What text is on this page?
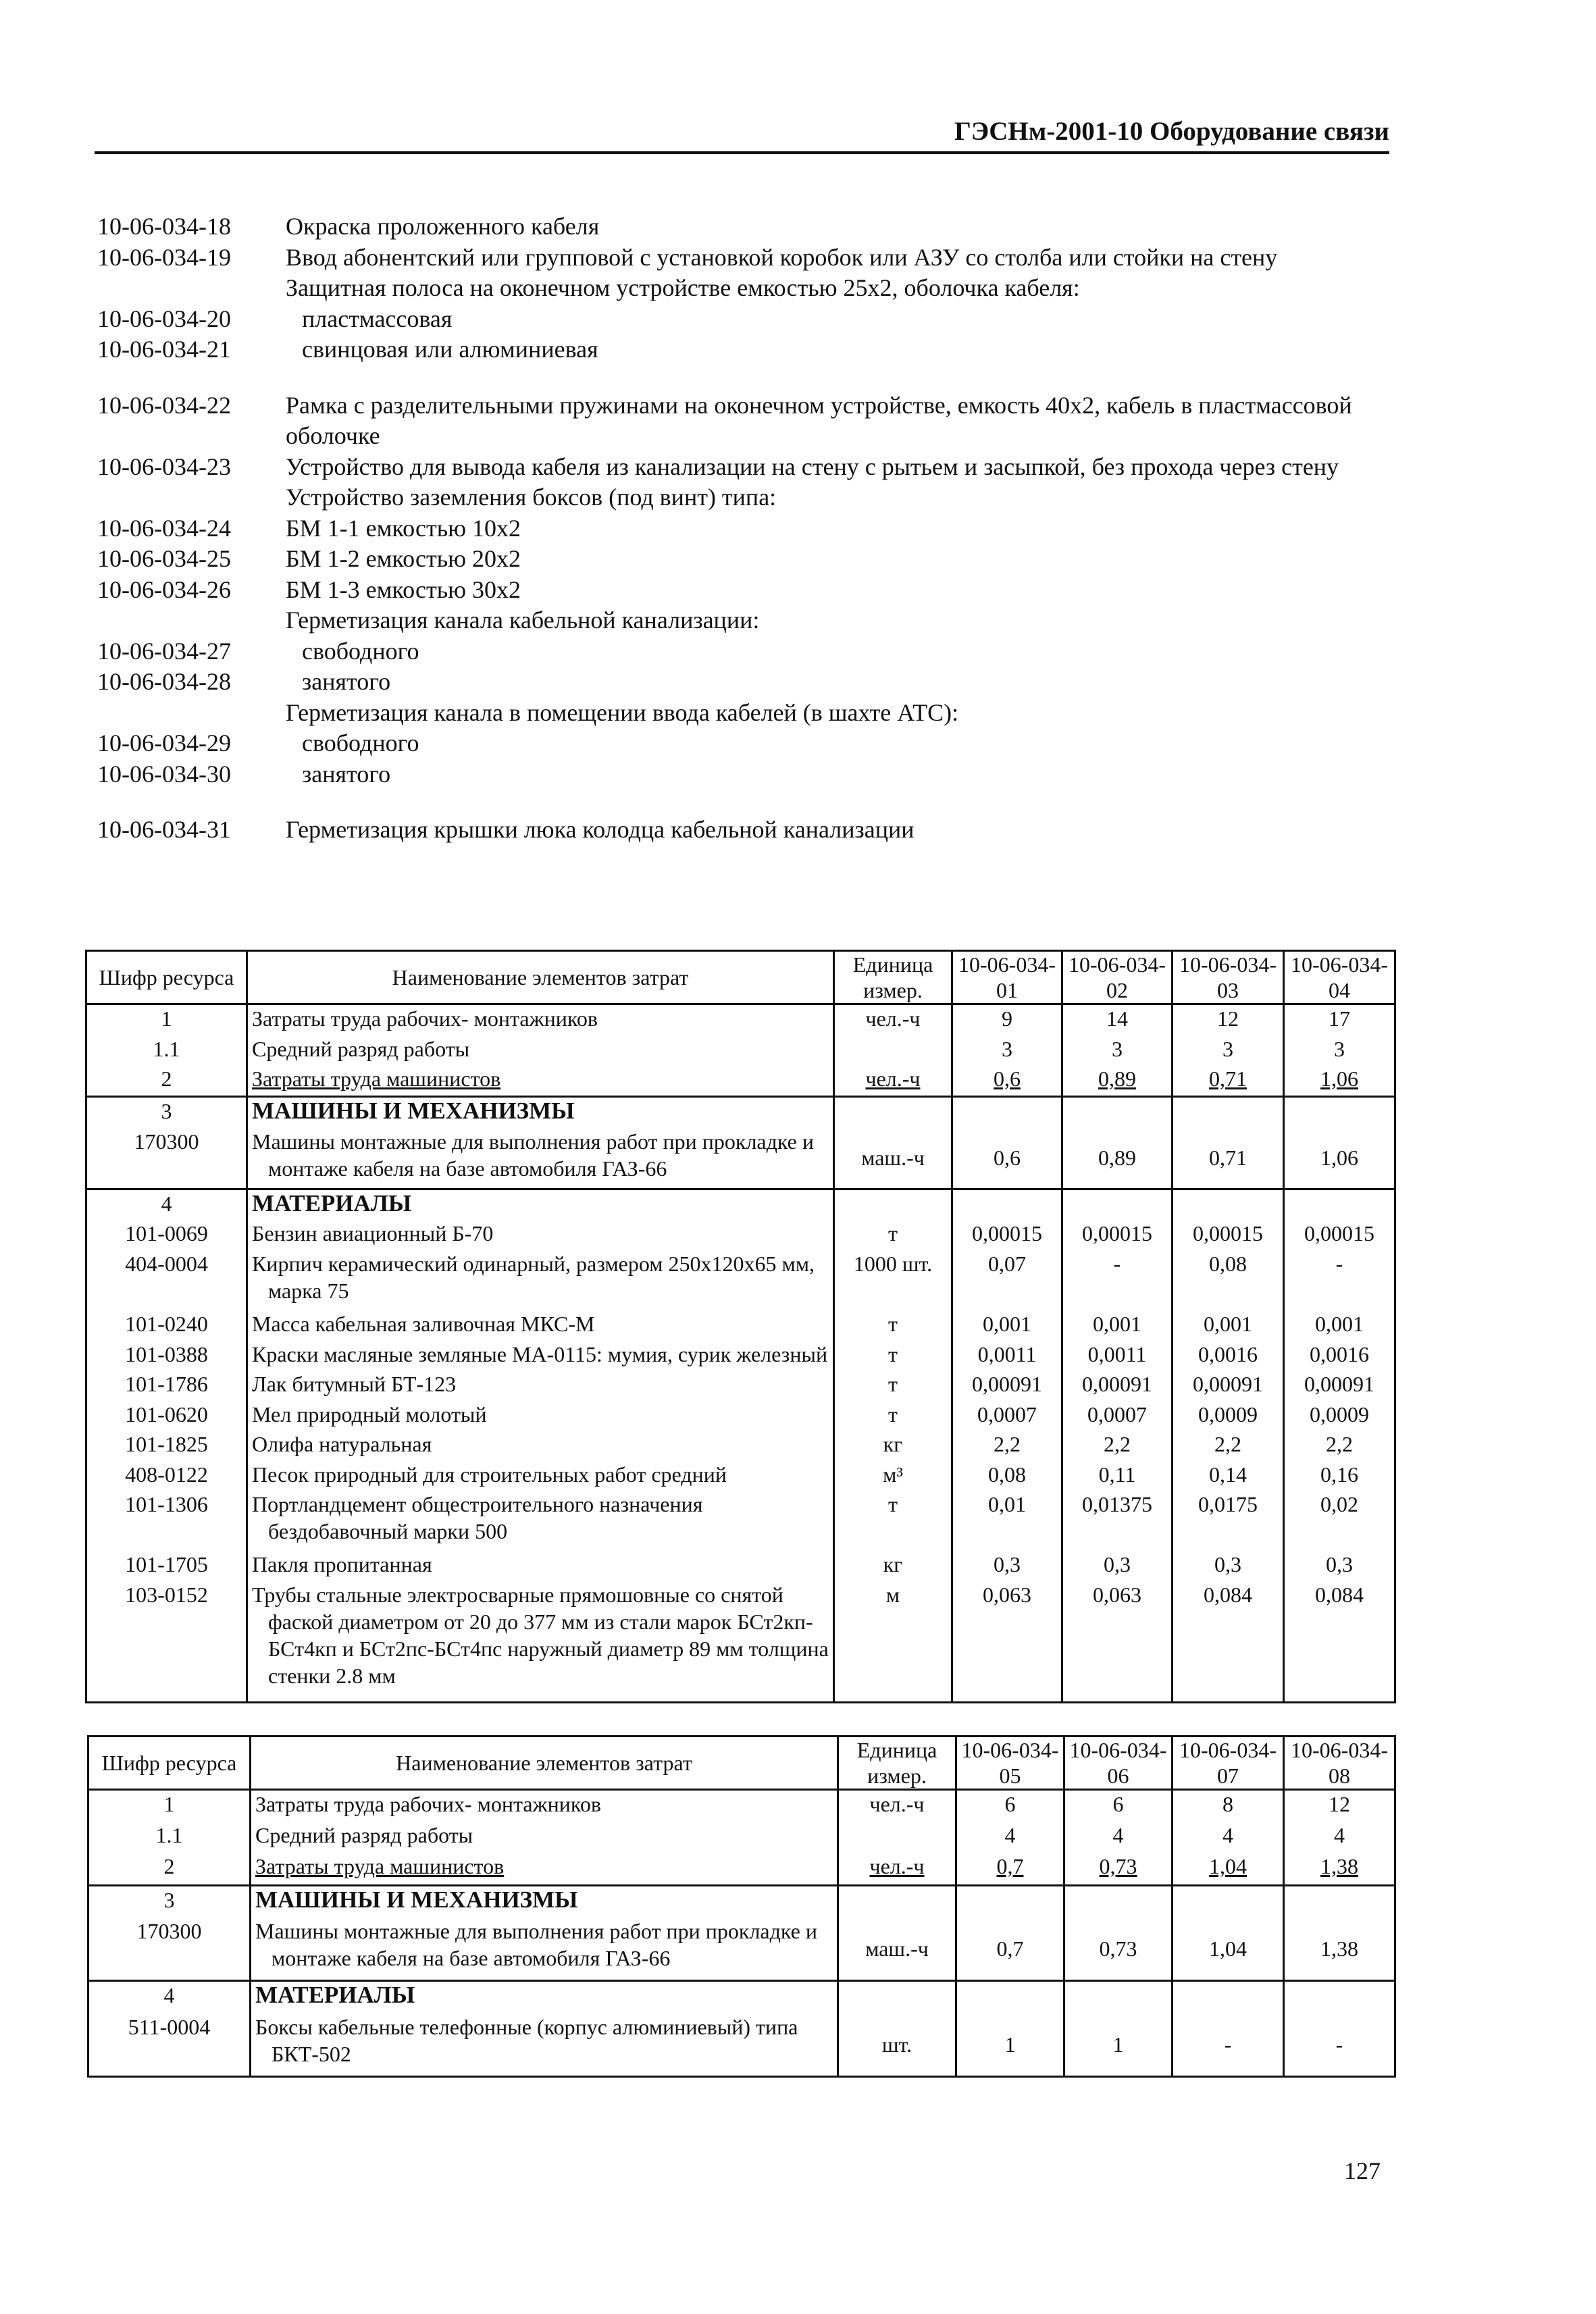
ГЭСНм-2001-10 Оборудование связи
10-06-034-18 Окраска проложенного кабеля
10-06-034-19 Ввод абонентский или групповой с установкой коробок или АЗУ со столба или стойки на стену
Защитная полоса на оконечном устройстве емкостью 25х2, оболочка кабеля:
10-06-034-20	пластмассовая
10-06-034-21	свинцовая или алюминиевая
10-06-034-22 Рамка с разделительными пружинами на оконечном устройстве, емкость 40х2, кабель в пластмассовой оболочке
10-06-034-23 Устройство для вывода кабеля из канализации на стену с рытьем и засыпкой, без прохода через стену
Устройство заземления боксов (под винт) типа:
10-06-034-24 БМ 1-1 емкостью 10х2
10-06-034-25 БМ 1-2 емкостью 20х2
10-06-034-26 БМ 1-3 емкостью 30х2
Герметизация канала кабельной канализации:
10-06-034-27	свободного
10-06-034-28	занятого
Герметизация канала в помещении ввода кабелей (в шахте АТС):
10-06-034-29	свободного
10-06-034-30	занятого
10-06-034-31 Герметизация крышки люка колодца кабельной канализации
Шифр ресурса	Наименование элементов затрат	Единица измер.	10-06-034-01	10-06-034-02	10-06-034-03	10-06-034-04
1	Затраты труда рабочих- монтажников	чел.-ч	9	14	12	17
1.1	Средний разряд работы		3	3	3	3
2	Затраты труда машинистов	чел.-ч	0,6	0,89	0,71	1,06
3	МАШИНЫ И МЕХАНИЗМЫ					

170300	Машины монтажные для выполнения работ при прокладке и монтаже кабеля на базе автомобиля ГАЗ-66	маш.-ч	0,6	0,89	0,71	1,06
4	МАТЕРИАЛЫ					

101-0069	Бензин авиационный Б-70	т	0,00015	0,00015	0,00015	0,00015
404-0004	Кирпич керамический одинарный, размером 250х120х65 мм, марка 75	1000 шт.	0,07	-	0,08	-
101-0240	Масса кабельная заливочная МКС-М	т	0,001	0,001	0,001	0,001
101-0388	Краски масляные земляные МА-0115: мумия, сурик железный	т	0,0011	0,0011	0,0016	0,0016
101-1786	Лак битумный БТ-123	т	0,00091	0,00091	0,00091	0,00091
101-0620	Мел природный молотый	т	0,0007	0,0007	0,0009	0,0009
101-1825	Олифа натуральная	кг	2,2	2,2	2,2	2,2
408-0122	Песок природный для строительных работ средний	м³	0,08	0,11	0,14	0,16
101-1306	Портландцемент общестроительного назначения бездобавочный марки 500	т	0,01	0,01375	0,0175	0,02
101-1705	Пакля пропитанная	кг	0,3	0,3	0,3	0,3
103-0152	Трубы стальные электросварные прямошовные со снятой фаской диаметром от 20 до 377 мм из стали марок БСт2кп-БСт4кп и БСт2пс-БСт4пс наружный диаметр 89 мм толщина стенки 2.8 мм	м	0,063	0,063	0,084	0,084
Шифр ресурса	Наименование элементов затрат	Единица измер.	10-06-034-05	10-06-034-06	10-06-034-07	10-06-034-08
1	Затраты труда рабочих- монтажников	чел.-ч	6	6	8	12
1.1	Средний разряд работы		4	4	4	4
2	Затраты труда машинистов	чел.-ч	0,7	0,73	1,04	1,38
3	МАШИНЫ И МЕХАНИЗМЫ					

170300	Машины монтажные для выполнения работ при прокладке и монтаже кабеля на базе автомобиля ГАЗ-66	маш.-ч	0,7	0,73	1,04	1,38
4	МАТЕРИАЛЫ					

511-0004	Боксы кабельные телефонные (корпус алюминиевый) типа БКТ-502	шт.	1	1	-	-
127
